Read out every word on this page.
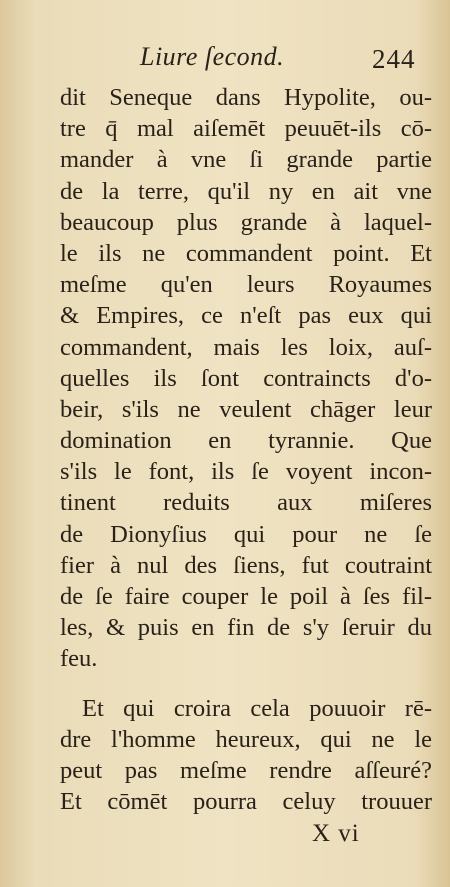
Liure ſecond.	244
dit Seneque dans Hypolite, ou-
tre q̄ mal aiſemēt peuuēt-ils cō-
mander à vne ſi grande partie
de la terre, qu'il ny en ait vne
beaucoup plus grande à laquel-
le ils ne commandent point. Et
meſme qu'en leurs Royaumes
& Empires, ce n'eſt pas eux qui
commandent, mais les loix, auſ-
quelles ils ſont contraincts d'o-
beir, s'ils ne veulent chāger leur
domination en tyrannie. Que
s'ils le font, ils ſe voyent incon-
tinent reduits aux miſeres
de Dionyſius qui pour ne ſe
fier à nul des ſiens, fut coutraint
de ſe faire couper le poil à ſes fil-
les, & puis en fin de s'y ſeruir du
feu.
Et qui croira cela pouuoir rē-
dre l'homme heureux, qui ne le
peut pas meſme rendre aſſeuré?
Et cōmēt pourra celuy trouuer
X vi
